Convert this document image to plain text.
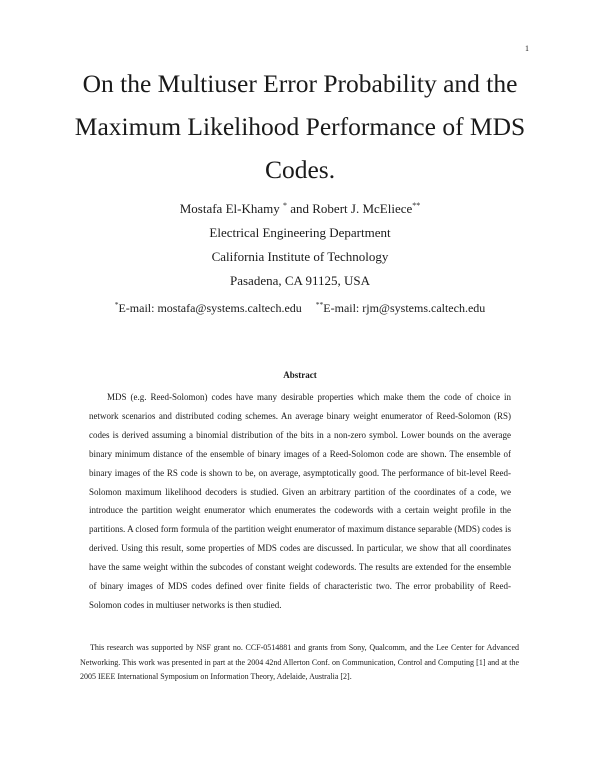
1
On the Multiuser Error Probability and the
Maximum Likelihood Performance of MDS
Codes.
Mostafa El-Khamy * and Robert J. McEliece**
Electrical Engineering Department
California Institute of Technology
Pasadena, CA 91125, USA
*E-mail: mostafa@systems.caltech.edu **E-mail: rjm@systems.caltech.edu
Abstract

MDS (e.g. Reed-Solomon) codes have many desirable properties which make them the code of choice in network scenarios and distributed coding schemes. An average binary weight enumerator of Reed-Solomon (RS) codes is derived assuming a binomial distribution of the bits in a non-zero symbol. Lower bounds on the average binary minimum distance of the ensemble of binary images of a Reed-Solomon code are shown. The ensemble of binary images of the RS code is shown to be, on average, asymptotically good. The performance of bit-level Reed-Solomon maximum likelihood decoders is studied. Given an arbitrary partition of the coordinates of a code, we introduce the partition weight enumerator which enumerates the codewords with a certain weight profile in the partitions. A closed form formula of the partition weight enumerator of maximum distance separable (MDS) codes is derived. Using this result, some properties of MDS codes are discussed. In particular, we show that all coordinates have the same weight within the subcodes of constant weight codewords. The results are extended for the ensemble of binary images of MDS codes defined over finite fields of characteristic two. The error probability of Reed-Solomon codes in multiuser networks is then studied.

This research was supported by NSF grant no. CCF-0514881 and grants from Sony, Qualcomm, and the Lee Center for Advanced Networking. This work was presented in part at the 2004 42nd Allerton Conf. on Communication, Control and Computing [1] and at the 2005 IEEE International Symposium on Information Theory, Adelaide, Australia [2].
